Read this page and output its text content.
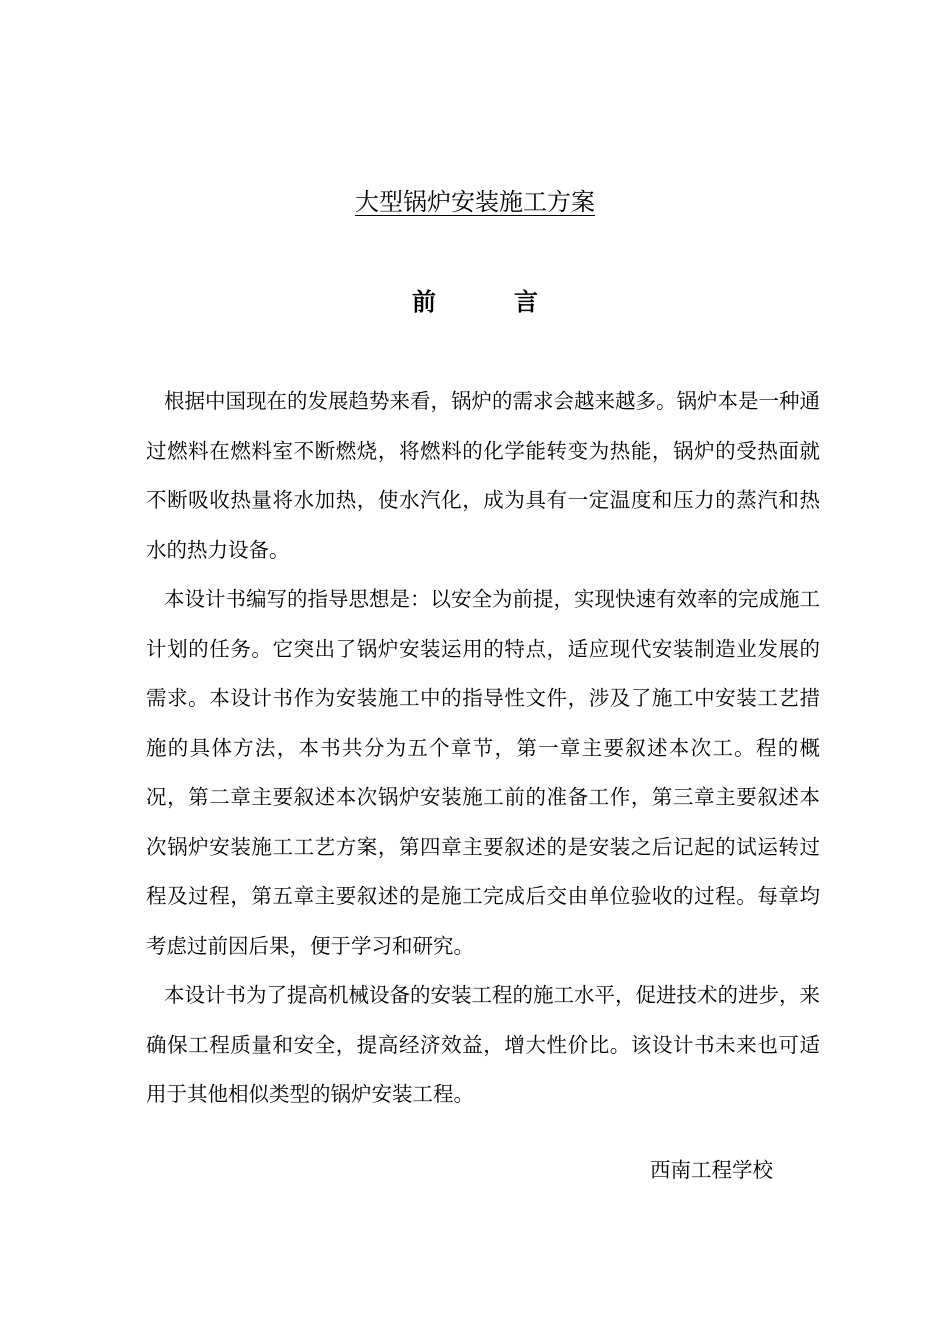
大型锅炉安装施工方案
前	言

根据中国现在的发展趋势来看，锅炉的需求会越来越多。锅炉本是一种通过燃料在燃料室不断燃烧，将燃料的化学能转变为热能，锅炉的受热面就不断吸收热量将水加热，使水汽化，成为具有一定温度和压力的蒸汽和热水的热力设备。

本设计书编写的指导思想是：以安全为前提，实现快速有效率的完成施工计划的任务。它突出了锅炉安装运用的特点，适应现代安装制造业发展的需求。本设计书作为安装施工中的指导性文件，涉及了施工中安装工艺措施的具体方法，本书共分为五个章节，第一章主要叙述本次工。程的概况，第二章主要叙述本次锅炉安装施工前的准备工作，第三章主要叙述本次锅炉安装施工工艺方案，第四章主要叙述的是安装之后记起的试运转过程及过程，第五章主要叙述的是施工完成后交由单位验收的过程。每章均考虑过前因后果，便于学习和研究。

本设计书为了提高机械设备的安装工程的施工水平，促进技术的进步，来确保工程质量和安全，提高经济效益，增大性价比。该设计书未来也可适用于其他相似类型的锅炉安装工程。

西南工程学校
